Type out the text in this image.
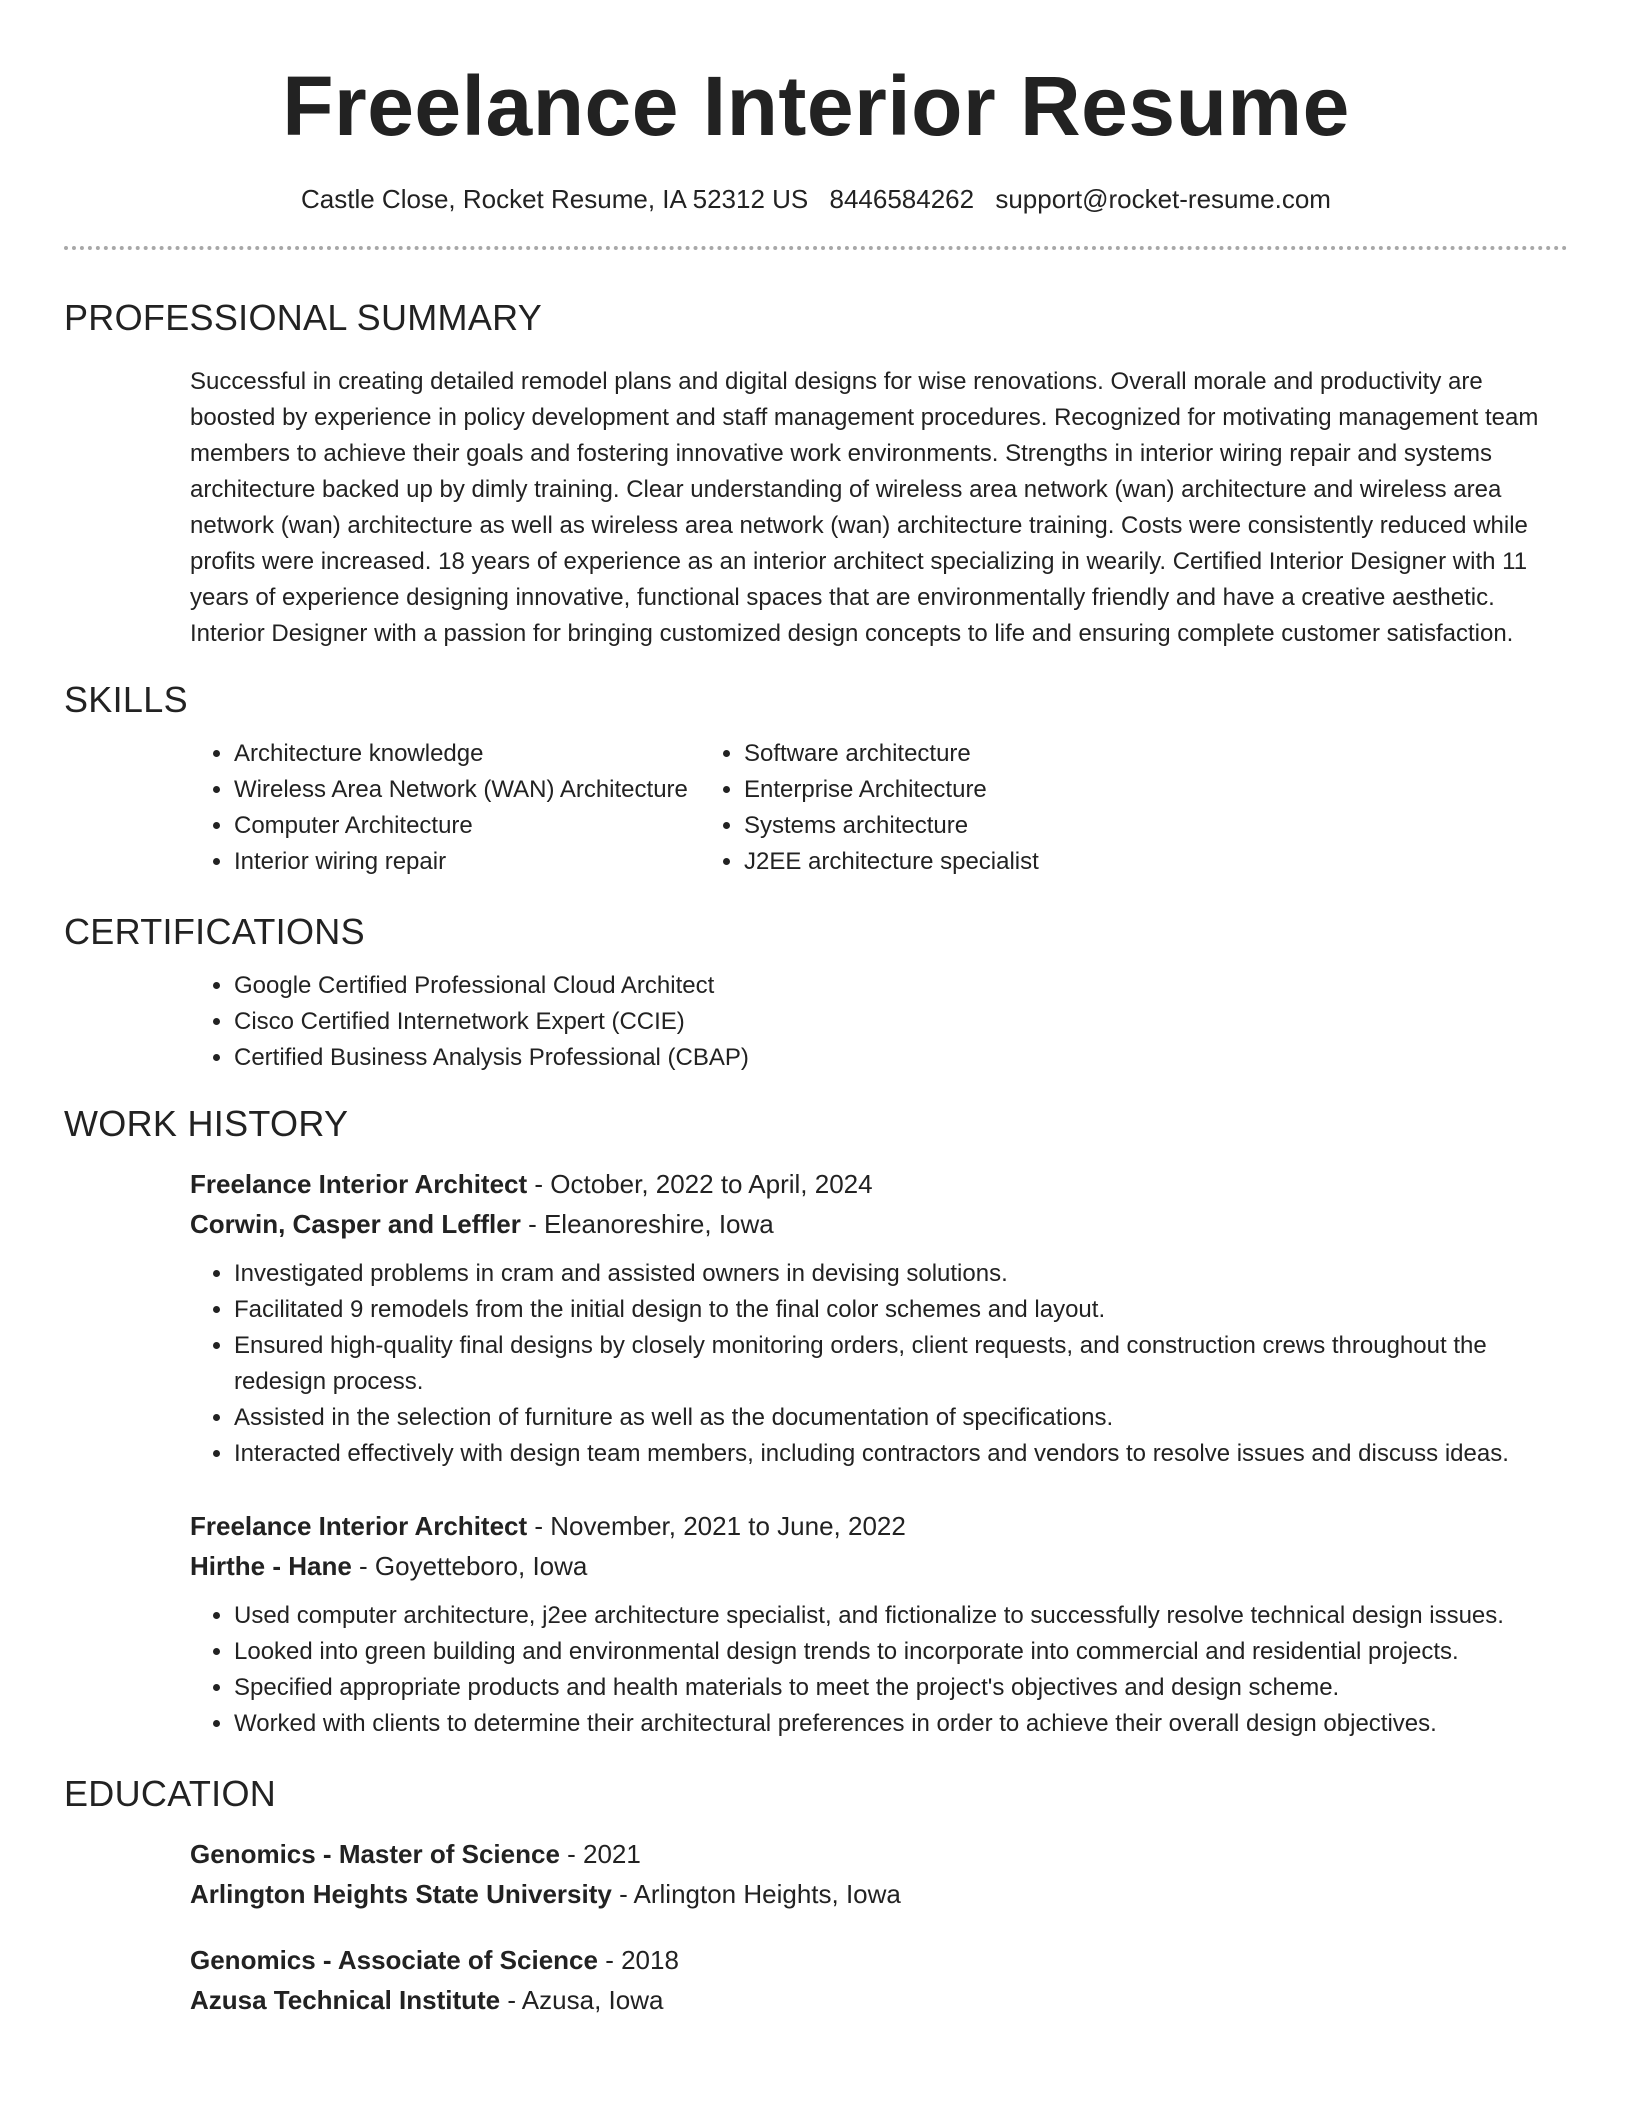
Freelance Interior Resume
Castle Close, Rocket Resume, IA 52312 US 8446584262 support@rocket-resume.com
PROFESSIONAL SUMMARY

Successful in creating detailed remodel plans and digital designs for wise renovations. Overall morale and productivity are boosted by experience in policy development and staff management procedures. Recognized for motivating management team members to achieve their goals and fostering innovative work environments. Strengths in interior wiring repair and systems architecture backed up by dimly training. Clear understanding of wireless area network (wan) architecture and wireless area network (wan) architecture as well as wireless area network (wan) architecture training. Costs were consistently reduced while profits were increased. 18 years of experience as an interior architect specializing in wearily. Certified Interior Designer with 11 years of experience designing innovative, functional spaces that are environmentally friendly and have a creative aesthetic. Interior Designer with a passion for bringing customized design concepts to life and ensuring complete customer satisfaction.

SKILLS
• Architecture knowledge
• Wireless Area Network (WAN) Architecture
• Computer Architecture
• Interior wiring repair
• Software architecture
• Enterprise Architecture
• Systems architecture
• J2EE architecture specialist
CERTIFICATIONS
• Google Certified Professional Cloud Architect
• Cisco Certified Internetwork Expert (CCIE)
• Certified Business Analysis Professional (CBAP)
WORK HISTORY
Freelance Interior Architect - October, 2022 to April, 2024
Corwin, Casper and Leffler - Eleanoreshire, Iowa
• Investigated problems in cram and assisted owners in devising solutions.
• Facilitated 9 remodels from the initial design to the final color schemes and layout.
• Ensured high-quality final designs by closely monitoring orders, client requests, and construction crews throughout the redesign process.
• Assisted in the selection of furniture as well as the documentation of specifications.
• Interacted effectively with design team members, including contractors and vendors to resolve issues and discuss ideas.
Freelance Interior Architect - November, 2021 to June, 2022
Hirthe - Hane - Goyetteboro, Iowa
• Used computer architecture, j2ee architecture specialist, and fictionalize to successfully resolve technical design issues.
• Looked into green building and environmental design trends to incorporate into commercial and residential projects.
• Specified appropriate products and health materials to meet the project's objectives and design scheme.
• Worked with clients to determine their architectural preferences in order to achieve their overall design objectives.
EDUCATION
Genomics - Master of Science - 2021
Arlington Heights State University - Arlington Heights, Iowa
Genomics - Associate of Science - 2018
Azusa Technical Institute - Azusa, Iowa
